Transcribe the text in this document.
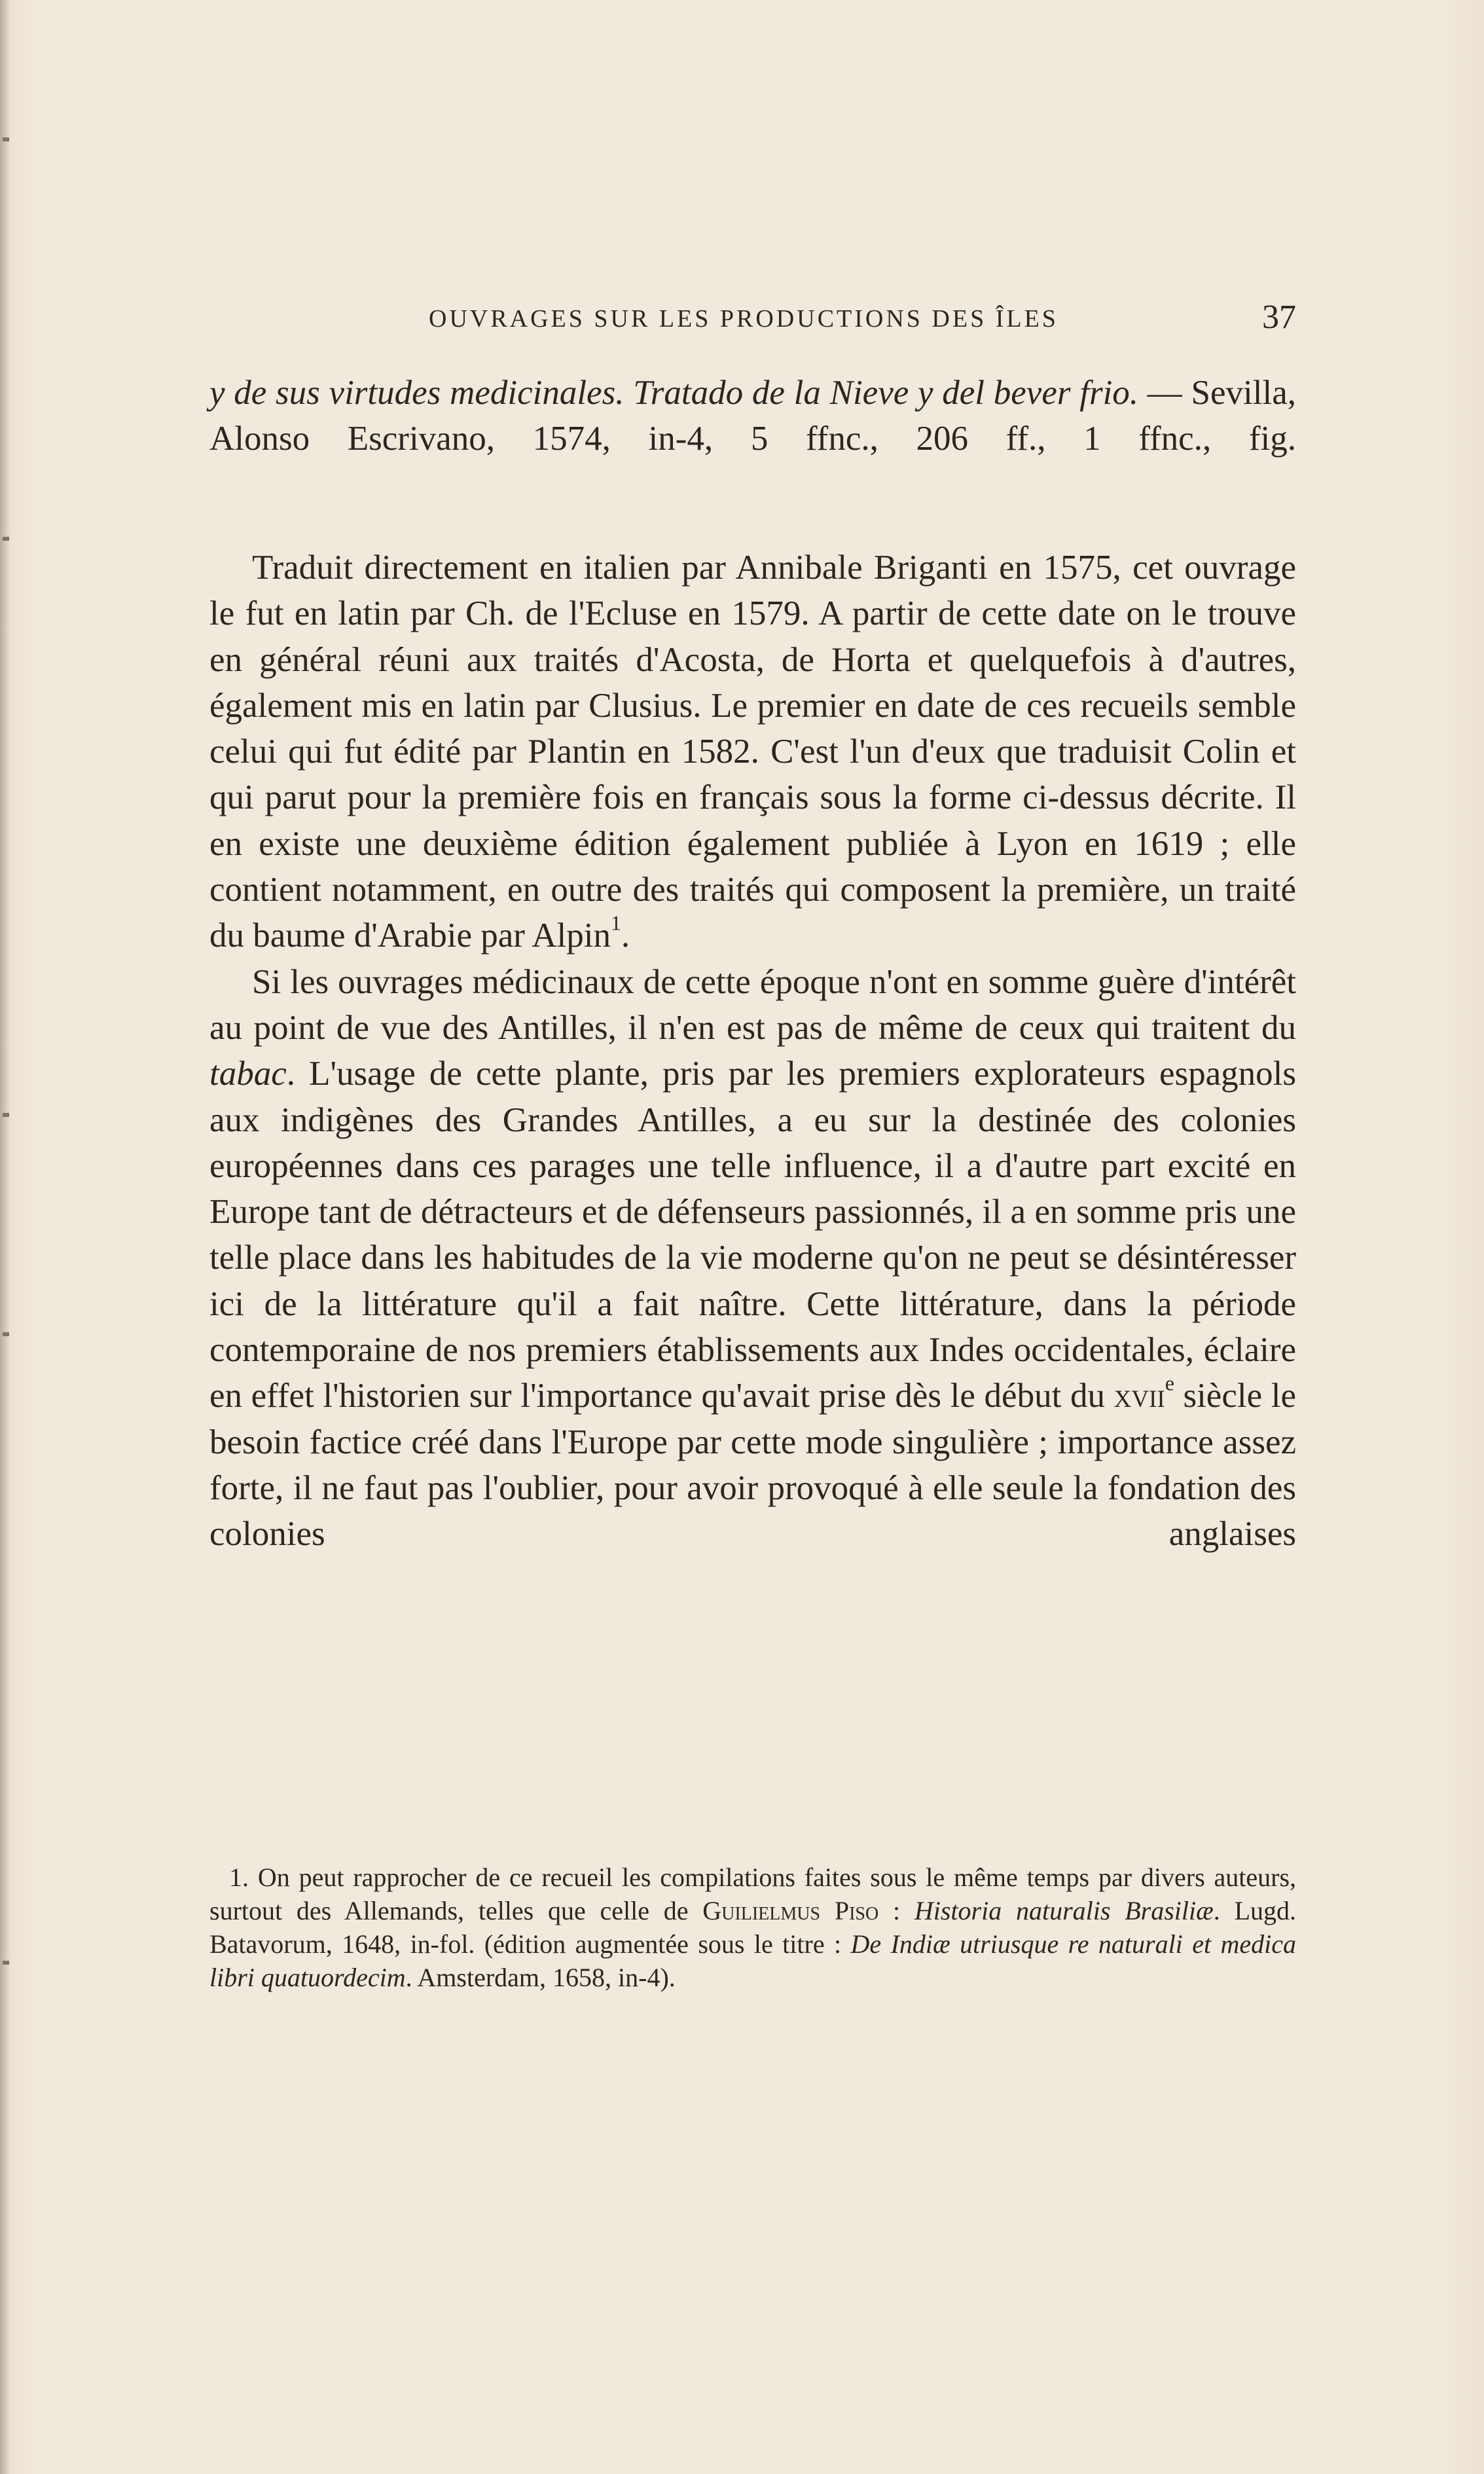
OUVRAGES SUR LES PRODUCTIONS DES ÎLES	37
y de sus virtudes medicinales. Tratado de la Nieve y del bever frio. — Sevilla, Alonso Escrivano, 1574, in-4, 5 ffnc., 206 ff., 1 ffnc., fig.

Traduit directement en italien par Annibale Briganti en 1575, cet ouvrage le fut en latin par Ch. de l'Ecluse en 1579. A partir de cette date on le trouve en général réuni aux traités d'Acosta, de Horta et quelquefois à d'autres, également mis en latin par Clusius. Le premier en date de ces recueils semble celui qui fut édité par Plantin en 1582. C'est l'un d'eux que traduisit Colin et qui parut pour la première fois en français sous la forme ci-dessus décrite. Il en existe une deuxième édition également publiée à Lyon en 1619 ; elle contient notamment, en outre des traités qui composent la première, un traité du baume d'Arabie par Alpin$^1$.

Si les ouvrages médicinaux de cette époque n'ont en somme guère d'intérêt au point de vue des Antilles, il n'en est pas de même de ceux qui traitent du tabac. L'usage de cette plante, pris par les premiers explorateurs espagnols aux indigènes des Grandes Antilles, a eu sur la destinée des colonies européennes dans ces parages une telle influence, il a d'autre part excité en Europe tant de détracteurs et de défenseurs passionnés, il a en somme pris une telle place dans les habitudes de la vie moderne qu'on ne peut se désintéresser ici de la littérature qu'il a fait naître. Cette littérature, dans la période contemporaine de nos premiers établissements aux Indes occidentales, éclaire en effet l'historien sur l'importance qu'avait prise dès le début du xvii$^e$ siècle le besoin factice créé dans l'Europe par cette mode singulière ; importance assez forte, il ne faut pas l'oublier, pour avoir provoqué à elle seule la fondation des colonies anglaises

1. On peut rapprocher de ce recueil les compilations faites sous le même temps par divers auteurs, surtout des Allemands, telles que celle de Guilielmus Piso : Historia naturalis Brasiliæ. Lugd. Batavorum, 1648, in-fol. (édition augmentée sous le titre : De Indiæ utriusque re naturali et medica libri quatuordecim. Amsterdam, 1658, in-4).
